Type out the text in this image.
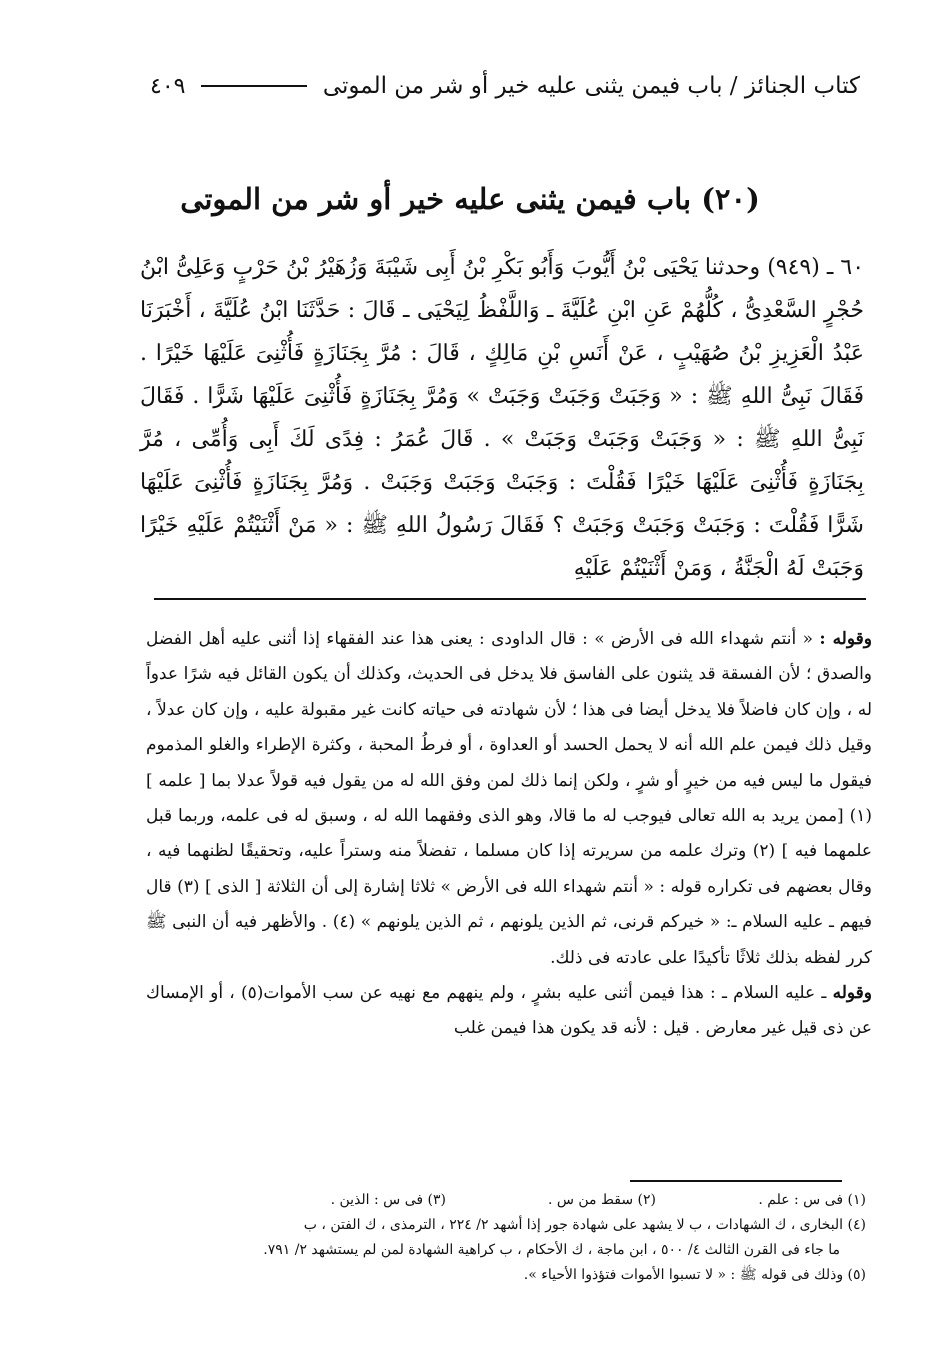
كتاب الجنائز / باب فيمن يثنى عليه خير أو شر من الموتى
٤٠٩
(٢٠) باب فيمن يثنى عليه خير أو شر من الموتى
٦٠ ـ (٩٤٩) وحدثنا يَحْيَى بْنُ أَيُّوبَ وَأَبُو بَكْرِ بْنُ أَبِى شَيْبَةَ وَزُهَيْرُ بْنُ حَرْبٍ وَعَلِىُّ ابْنُ حُجْرٍ السَّعْدِىُّ ، كُلُّهُمْ عَنِ ابْنِ عُلَيَّةَ ـ وَاللَّفْظُ لِيَحْيَى ـ قَالَ : حَدَّثَنَا ابْنُ عُلَيَّةَ ، أَخْبَرَنَا عَبْدُ الْعَزِيزِ بْنُ صُهَيْبٍ ، عَنْ أَنَسِ بْنِ مَالِكٍ ، قَالَ : مُرَّ بِجَنَازَةٍ فَأُثْنِىَ عَلَيْهَا خَيْرًا . فَقَالَ نَبِىُّ اللهِ ﷺ : « وَجَبَتْ وَجَبَتْ وَجَبَتْ » وَمُرَّ بِجَنَازَةٍ فَأُثْنِىَ عَلَيْهَا شَرًّا . فَقَالَ نَبِىُّ اللهِ ﷺ : « وَجَبَتْ وَجَبَتْ وَجَبَتْ » . قَالَ عُمَرُ : فِدًى لَكَ أَبِى وَأُمِّى ، مُرَّ بِجَنَازَةٍ فَأُثْنِىَ عَلَيْهَا خَيْرًا فَقُلْتَ : وَجَبَتْ وَجَبَتْ وَجَبَتْ . وَمُرَّ بِجَنَازَةٍ فَأُثْنِىَ عَلَيْهَا شَرًّا فَقُلْتَ : وَجَبَتْ وَجَبَتْ وَجَبَتْ ؟ فَقَالَ رَسُولُ اللهِ ﷺ : « مَنْ أَثْنَيْتُمْ عَلَيْهِ خَيْرًا وَجَبَتْ لَهُ الْجَنَّةُ ، وَمَنْ أَثْنَيْتُمْ عَلَيْهِ

وقوله : « أنتم شهداء الله فى الأرض » : قال الداودى : يعنى هذا عند الفقهاء إذا أثنى عليه أهل الفضل والصدق ؛ لأن الفسقة قد يثنون على الفاسق فلا يدخل فى الحديث، وكذلك أن يكون القائل فيه شرًا عدواً له ، وإن كان فاضلاً فلا يدخل أيضا فى هذا ؛ لأن شهادته فى حياته كانت غير مقبولة عليه ، وإن كان عدلاً ، وقيل ذلك فيمن علم الله أنه لا يحمل الحسد أو العداوة ، أو فرطُ المحبة ، وكثرة الإطراء والغلو المذموم فيقول ما ليس فيه من خيرٍ أو شرٍ ، ولكن إنما ذلك لمن وفق الله له من يقول فيه قولاً عدلا بما [ علمه ] (١) [ممن يريد به الله تعالى فيوجب له ما قالا، وهو الذى وفقهما الله له ، وسبق له فى علمه، وربما قبل علمهما فيه ] (٢) وترك علمه من سريرته إذا كان مسلما ، تفضلاً منه وستراً عليه، وتحقيقًا لظنهما فيه ، وقال بعضهم فى تكراره قوله : « أنتم شهداء الله فى الأرض » ثلاثا إشارة إلى أن الثلاثة [ الذى ] (٣) قال فيهم ـ عليه السلام ـ: « خيركم قرنى، ثم الذين يلونهم ، ثم الذين يلونهم » (٤) . والأظهر فيه أن النبى ﷺ كرر لفظه بذلك ثلاثًا تأكيدًا على عادته فى ذلك.

وقوله ـ عليه السلام ـ : هذا فيمن أثنى عليه بشرٍ ، ولم ينههم مع نهيه عن سب الأموات(٥) ، أو الإمساك عن ذى قيل غير معارض . قيل : لأنه قد يكون هذا فيمن غلب

(١) فى س : علم .
(٢) سقط من س .
(٣) فى س : الذين .
(٤) البخارى ، ك الشهادات ، ب لا يشهد على شهادة جور إذا أشهد ٢/ ٢٢٤ ، الترمذى ، ك الفتن ، ب
ما جاء فى القرن الثالث ٤/ ٥٠٠ ، ابن ماجة ، ك الأحكام ، ب كراهية الشهادة لمن لم يستشهد ٢/ ٧٩١.
(٥) وذلك فى قوله ﷺ : « لا تسبوا الأموات فتؤذوا الأحياء ».
